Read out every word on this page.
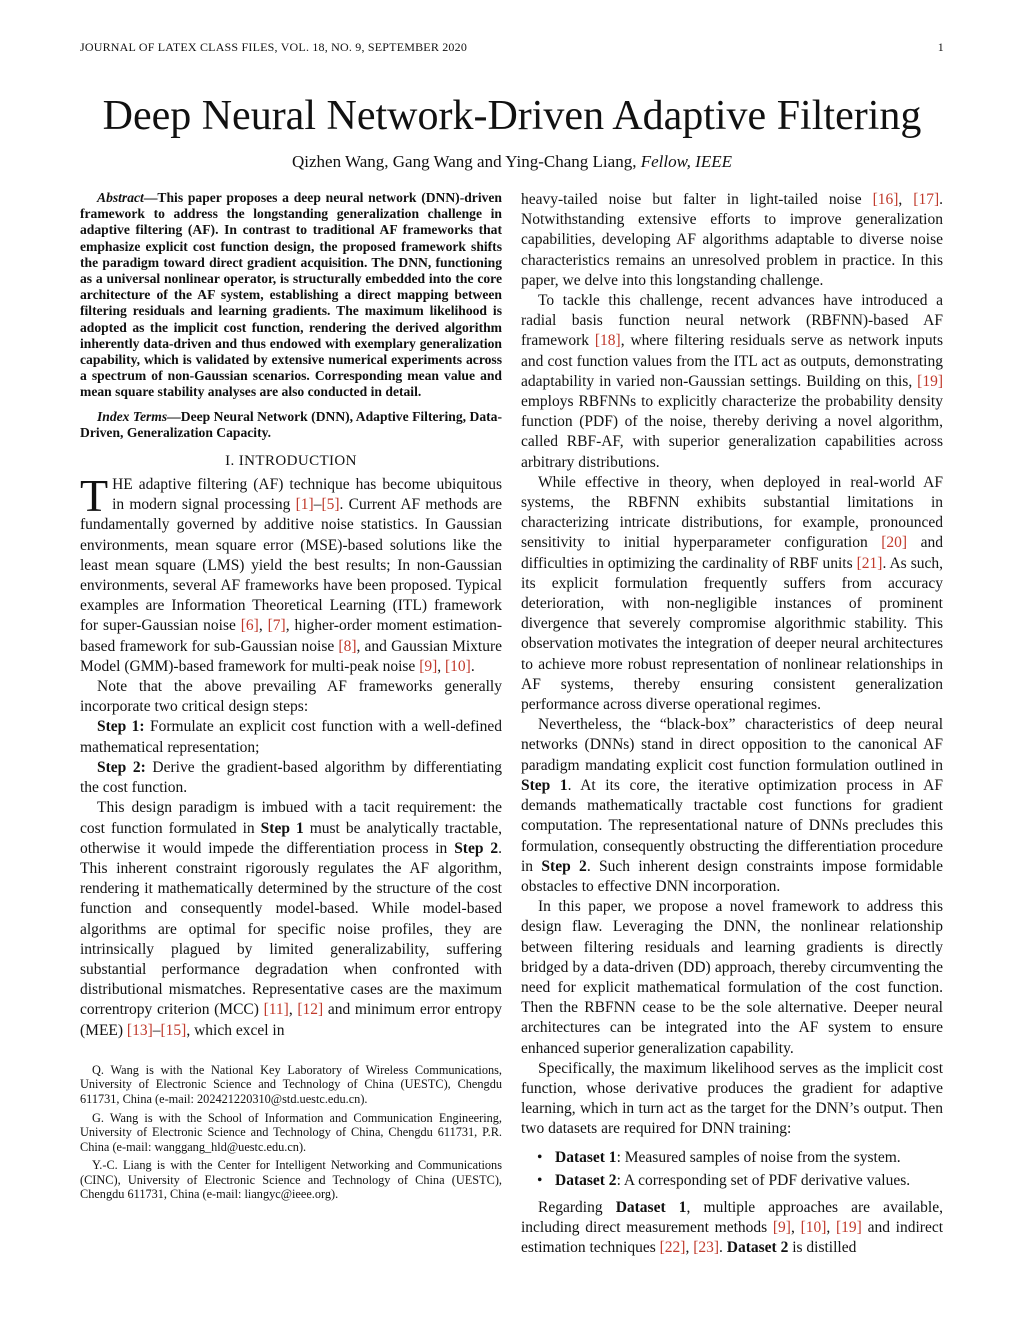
JOURNAL OF LATEX CLASS FILES, VOL. 18, NO. 9, SEPTEMBER 2020	1
Deep Neural Network-Driven Adaptive Filtering
Qizhen Wang, Gang Wang and Ying-Chang Liang, Fellow, IEEE

Abstract—This paper proposes a deep neural network (DNN)-driven framework to address the longstanding generalization challenge in adaptive filtering (AF). In contrast to traditional AF frameworks that emphasize explicit cost function design, the proposed framework shifts the paradigm toward direct gradient acquisition. The DNN, functioning as a universal nonlinear operator, is structurally embedded into the core architecture of the AF system, establishing a direct mapping between filtering residuals and learning gradients. The maximum likelihood is adopted as the implicit cost function, rendering the derived algorithm inherently data-driven and thus endowed with exemplary generalization capability, which is validated by extensive numerical experiments across a spectrum of non-Gaussian scenarios. Corresponding mean value and mean square stability analyses are also conducted in detail.

Index Terms—Deep Neural Network (DNN), Adaptive Filtering, Data-Driven, Generalization Capacity.

I. INTRODUCTION

THE adaptive filtering (AF) technique has become ubiquitous in modern signal processing [1]–[5]. Current AF methods are fundamentally governed by additive noise statistics. In Gaussian environments, mean square error (MSE)-based solutions like the least mean square (LMS) yield the best results; In non-Gaussian environments, several AF frameworks have been proposed. Typical examples are Information Theoretical Learning (ITL) framework for super-Gaussian noise [6], [7], higher-order moment estimation-based framework for sub-Gaussian noise [8], and Gaussian Mixture Model (GMM)-based framework for multi-peak noise [9], [10].

Note that the above prevailing AF frameworks generally incorporate two critical design steps:

Step 1: Formulate an explicit cost function with a well-defined mathematical representation;

Step 2: Derive the gradient-based algorithm by differentiating the cost function.

This design paradigm is imbued with a tacit requirement: the cost function formulated in Step 1 must be analytically tractable, otherwise it would impede the differentiation process in Step 2. This inherent constraint rigorously regulates the AF algorithm, rendering it mathematically determined by the structure of the cost function and consequently model-based. While model-based algorithms are optimal for specific noise profiles, they are intrinsically plagued by limited generalizability, suffering substantial performance degradation when confronted with distributional mismatches. Representative cases are the maximum correntropy criterion (MCC) [11], [12] and minimum error entropy (MEE) [13]–[15], which excel in

Q. Wang is with the National Key Laboratory of Wireless Communications, University of Electronic Science and Technology of China (UESTC), Chengdu 611731, China (e-mail: 202421220310@std.uestc.edu.cn).

G. Wang is with the School of Information and Communication Engineering, University of Electronic Science and Technology of China, Chengdu 611731, P.R. China (e-mail: wanggang_hld@uestc.edu.cn).

Y.-C. Liang is with the Center for Intelligent Networking and Communications (CINC), University of Electronic Science and Technology of China (UESTC), Chengdu 611731, China (e-mail: liangyc@ieee.org).

heavy-tailed noise but falter in light-tailed noise [16], [17]. Notwithstanding extensive efforts to improve generalization capabilities, developing AF algorithms adaptable to diverse noise characteristics remains an unresolved problem in practice. In this paper, we delve into this longstanding challenge.

To tackle this challenge, recent advances have introduced a radial basis function neural network (RBFNN)-based AF framework [18], where filtering residuals serve as network inputs and cost function values from the ITL act as outputs, demonstrating adaptability in varied non-Gaussian settings. Building on this, [19] employs RBFNNs to explicitly characterize the probability density function (PDF) of the noise, thereby deriving a novel algorithm, called RBF-AF, with superior generalization capabilities across arbitrary distributions.

While effective in theory, when deployed in real-world AF systems, the RBFNN exhibits substantial limitations in characterizing intricate distributions, for example, pronounced sensitivity to initial hyperparameter configuration [20] and difficulties in optimizing the cardinality of RBF units [21]. As such, its explicit formulation frequently suffers from accuracy deterioration, with non-negligible instances of prominent divergence that severely compromise algorithmic stability. This observation motivates the integration of deeper neural architectures to achieve more robust representation of nonlinear relationships in AF systems, thereby ensuring consistent generalization performance across diverse operational regimes.

Nevertheless, the “black-box” characteristics of deep neural networks (DNNs) stand in direct opposition to the canonical AF paradigm mandating explicit cost function formulation outlined in Step 1. At its core, the iterative optimization process in AF demands mathematically tractable cost functions for gradient computation. The representational nature of DNNs precludes this formulation, consequently obstructing the differentiation procedure in Step 2. Such inherent design constraints impose formidable obstacles to effective DNN incorporation.

In this paper, we propose a novel framework to address this design flaw. Leveraging the DNN, the nonlinear relationship between filtering residuals and learning gradients is directly bridged by a data-driven (DD) approach, thereby circumventing the need for explicit mathematical formulation of the cost function. Then the RBFNN cease to be the sole alternative. Deeper neural architectures can be integrated into the AF system to ensure enhanced superior generalization capability.

Specifically, the maximum likelihood serves as the implicit cost function, whose derivative produces the gradient for adaptive learning, which in turn act as the target for the DNN’s output. Then two datasets are required for DNN training:

• Dataset 1: Measured samples of noise from the system.
• Dataset 2: A corresponding set of PDF derivative values.

Regarding Dataset 1, multiple approaches are available, including direct measurement methods [9], [10], [19] and indirect estimation techniques [22], [23]. Dataset 2 is distilled
